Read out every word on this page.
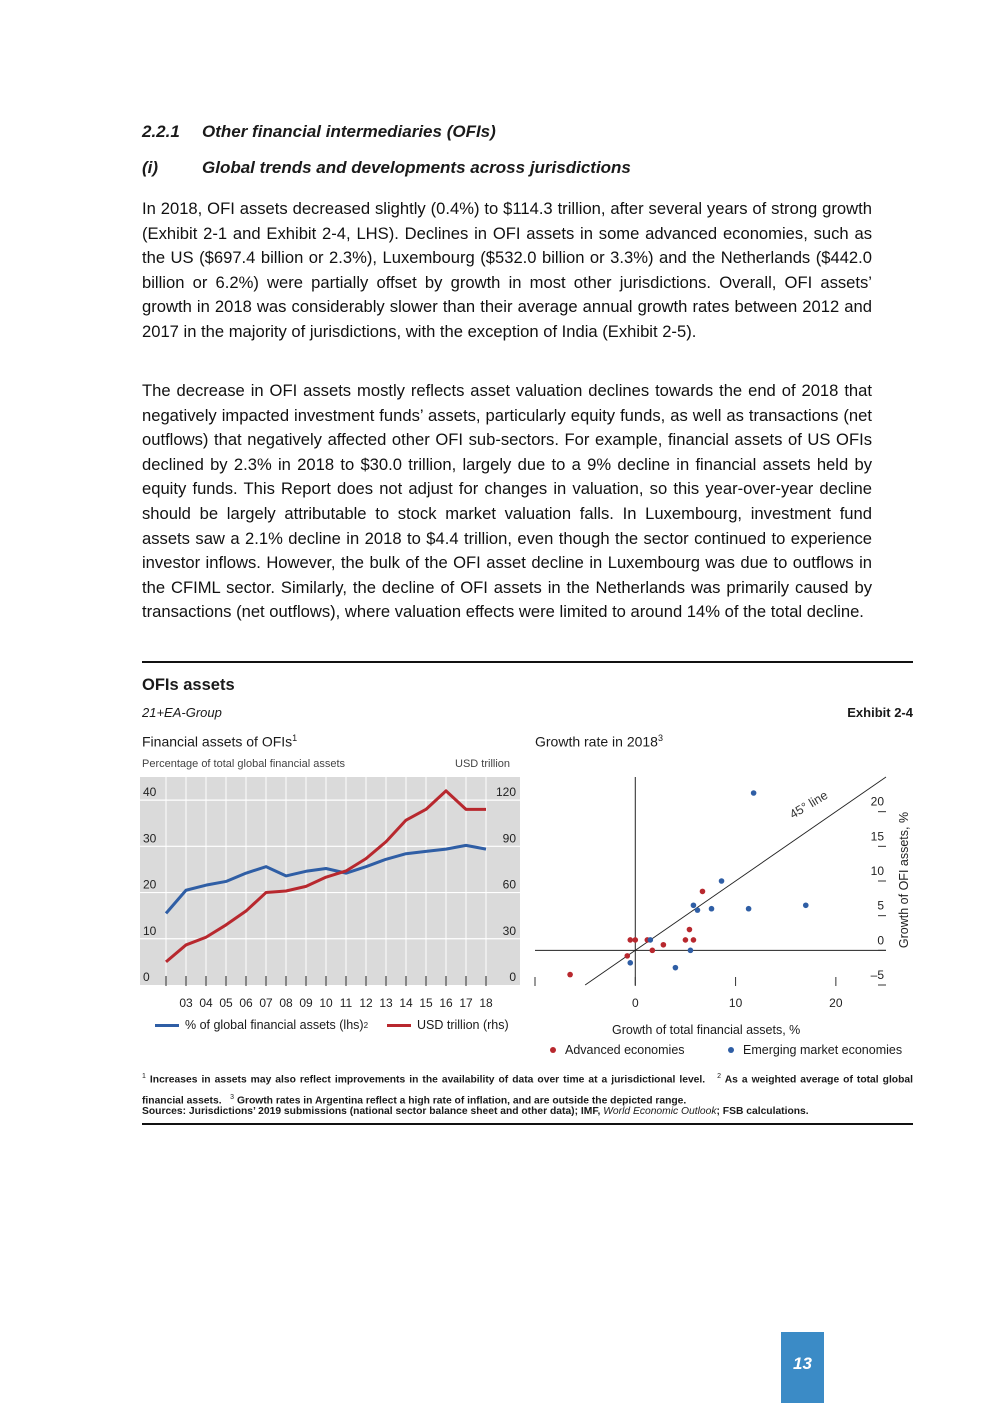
2.2.1 Other financial intermediaries (OFIs)
(i)	Global trends and developments across jurisdictions

In 2018, OFI assets decreased slightly (0.4%) to $114.3 trillion, after several years of strong growth (Exhibit 2-1 and Exhibit 2-4, LHS). Declines in OFI assets in some advanced economies, such as the US ($697.4 billion or 2.3%), Luxembourg ($532.0 billion or 3.3%) and the Netherlands ($442.0 billion or 6.2%) were partially offset by growth in most other jurisdictions. Overall, OFI assets’ growth in 2018 was considerably slower than their average annual growth rates between 2012 and 2017 in the majority of jurisdictions, with the exception of India (Exhibit 2-5).

The decrease in OFI assets mostly reflects asset valuation declines towards the end of 2018 that negatively impacted investment funds’ assets, particularly equity funds, as well as transactions (net outflows) that negatively affected other OFI sub-sectors. For example, financial assets of US OFIs declined by 2.3% in 2018 to $30.0 trillion, largely due to a 9% decline in financial assets held by equity funds. This Report does not adjust for changes in valuation, so this year-over-year decline should be largely attributable to stock market valuation falls. In Luxembourg, investment fund assets saw a 2.1% decline in 2018 to $4.4 trillion, even though the sector continued to experience investor inflows. However, the bulk of the OFI asset decline in Luxembourg was due to outflows in the CFIML sector. Similarly, the decline of OFI assets in the Netherlands was primarily caused by transactions (net outflows), where valuation effects were limited to around 14% of the total decline.

OFIs assets
21+EA-Group	Exhibit 2-4
Financial assets of OFIs$^1$	Growth rate in 2018$^3$
Percentage of total global financial assets	USD trillion
0
10
20
30
40
0
30
60
90
120
03 04 05 06 07 08 09 10 11 12 13 14 15 16 17 18	0	10	20
–5
0
5
10
15
20
45° line
Growth of OFI assets, %
% of global financial assets (lhs) 2	USD trillion (rhs)	Growth of total financial assets, %
Advanced economies	Emerging market economies

$^1$ Increases in assets may also reflect improvements in the availability of data over time at a jurisdictional level. $^2$ As a weighted average of total global financial assets. $^3$ Growth rates in Argentina reflect a high rate of inflation, and are outside the depicted range.

Sources: Jurisdictions’ 2019 submissions (national sector balance sheet and other data); IMF, World Economic Outlook; FSB calculations.

13
